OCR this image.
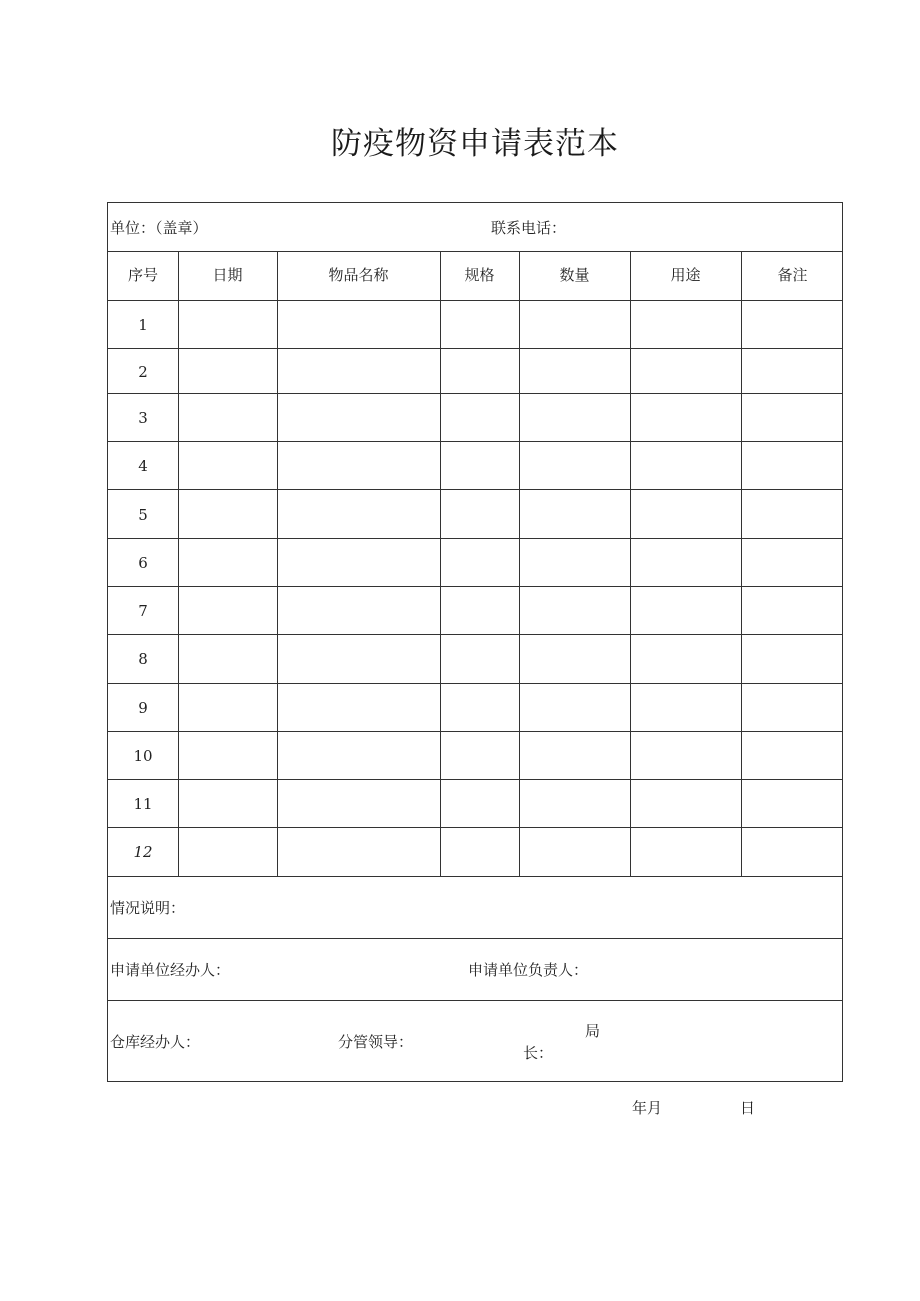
防疫物资申请表范本
单位：（盖章）	联系电话：
序号	日期	物品名称	规格	数量	用途	备注
1
2
3
4
5
6
7
8
9
10
11
12
情况说明：
申请单位经办人：	申请单位负责人：
仓库经办人：	分管领导：
局
长：
年月	日
